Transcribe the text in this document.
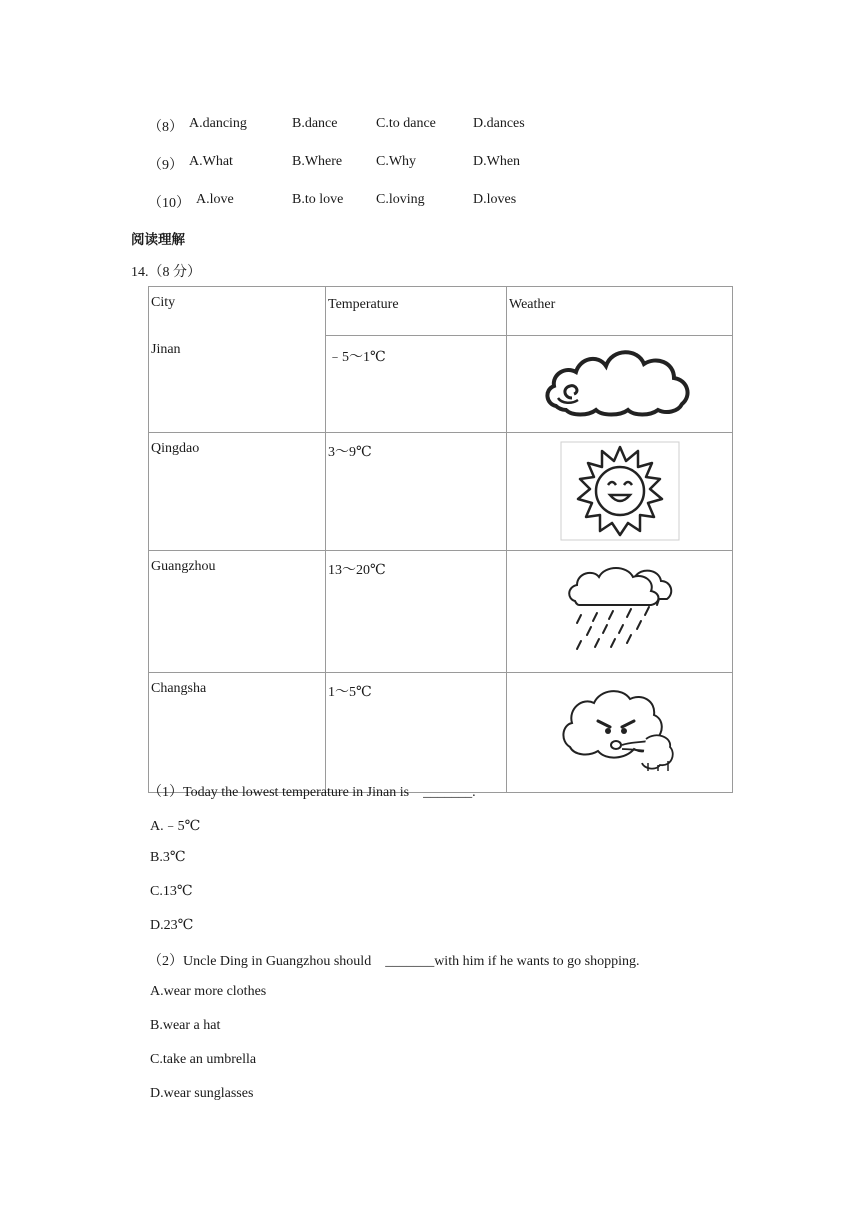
（8） A.dancing	B.dance	C.to dance	D.dances
（9） A.What	B.Where C.Why	D.When
（10） A.love	B.to love C.loving	D.loves
阅读理解
14.（8 分）
City	Temperature	Weather
Jinan	﹣5～1℃	

Qingdao	3～9℃	

Guangzhou	13～20℃	

Changsha	1～5℃	
（1）Today the lowest temperature in Jinan is　_______.
A.﹣5℃
B.3℃
C.13℃
D.23℃
（2）Uncle Ding in Guangzhou should　_______with him if he wants to go shopping.
A.wear more clothes
B.wear a hat
C.take an umbrella
D.wear sunglasses
